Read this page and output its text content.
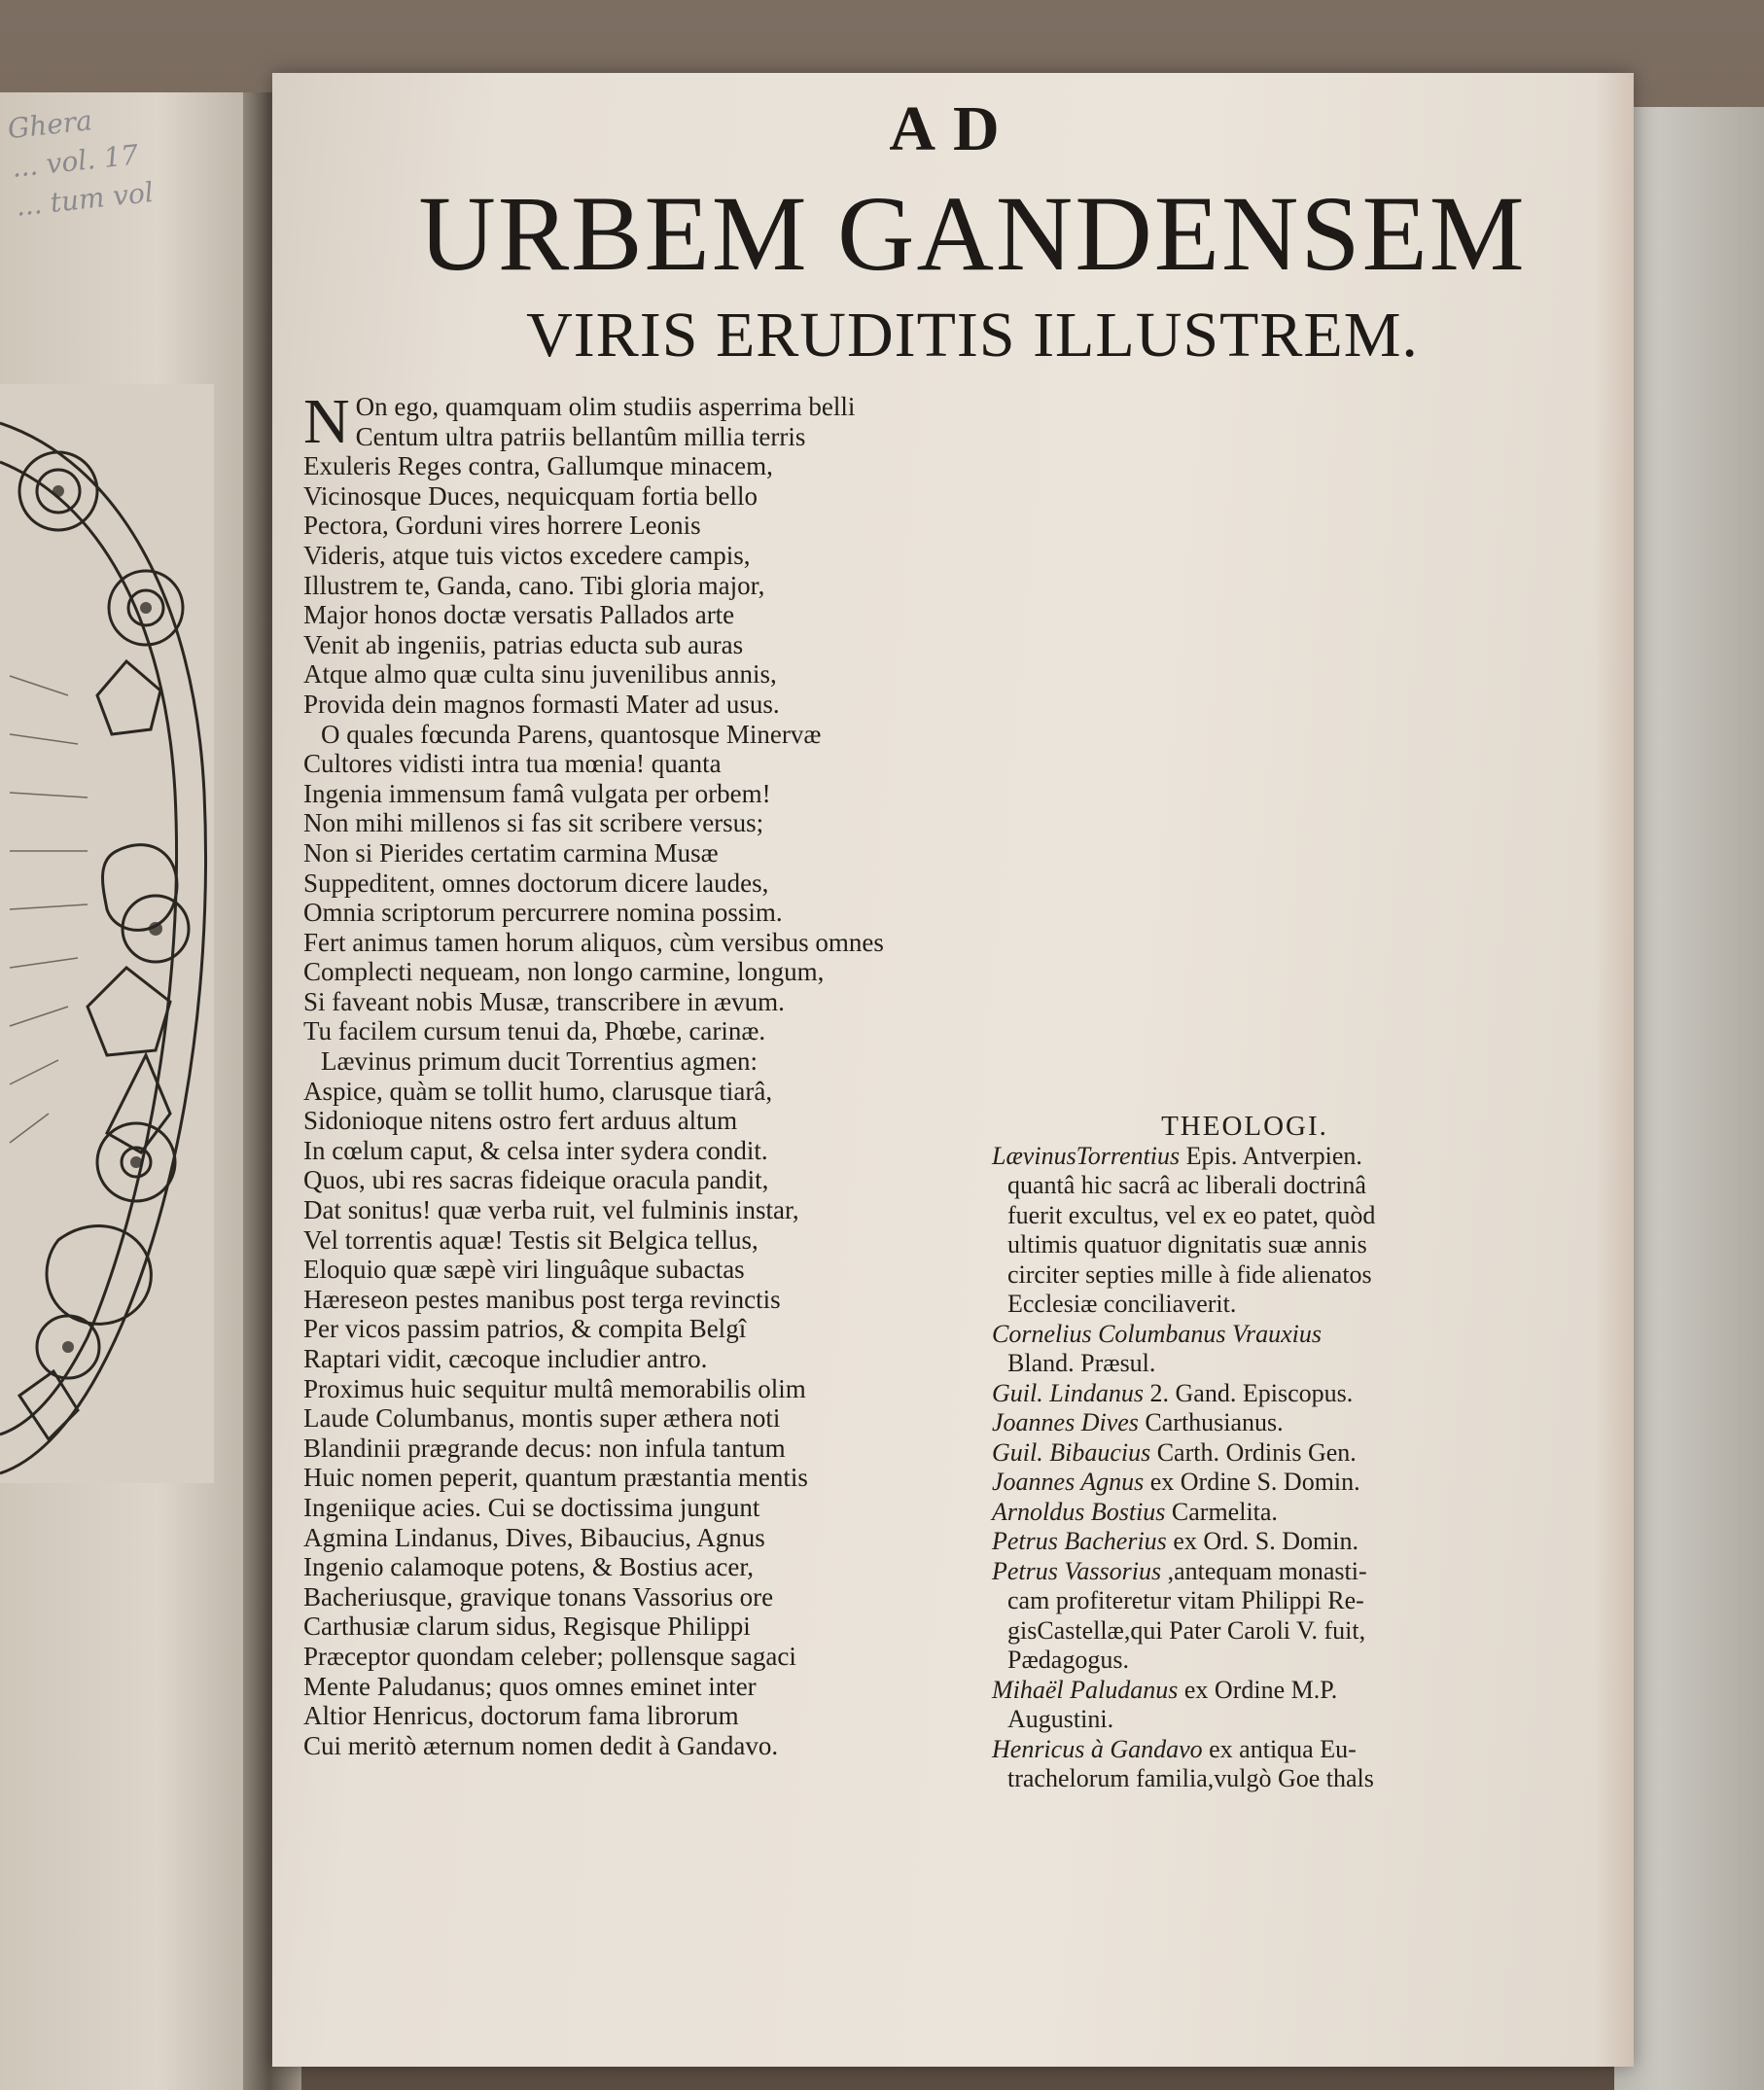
Ghera
... vol. 17
... tum vol
AD
URBEM GANDENSEM
VIRIS ERUDITIS ILLUSTREM.
N On ego, quamquam olim studiis asperrima belli
Centum ultra patriis bellantûm millia terris
Exuleris Reges contra, Gallumque minacem,
Vicinosque Duces, nequicquam fortia bello
Pectora, Gorduni vires horrere Leonis
Videris, atque tuis victos excedere campis,
Illustrem te, Ganda, cano. Tibi gloria major,
Major honos doctæ versatis Pallados arte
Venit ab ingeniis, patrias educta sub auras
Atque almo quæ culta sinu juvenilibus annis,
Provida dein magnos formasti Mater ad usus.
O quales fœcunda Parens, quantosque Minervæ
Cultores vidisti intra tua mœnia! quanta
Ingenia immensum famâ vulgata per orbem!
Non mihi millenos si fas sit scribere versus;
Non si Pierides certatim carmina Musæ
Suppeditent, omnes doctorum dicere laudes,
Omnia scriptorum percurrere nomina possim.
Fert animus tamen horum aliquos, cùm versibus omnes
Complecti nequeam, non longo carmine, longum,
Si faveant nobis Musæ, transcribere in ævum.
Tu facilem cursum tenui da, Phœbe, carinæ.
Lævinus primum ducit Torrentius agmen:
Aspice, quàm se tollit humo, clarusque tiarâ,
Sidonioque nitens ostro fert arduus altum
In cœlum caput, & celsa inter sydera condit.
Quos, ubi res sacras fideique oracula pandit,
Dat sonitus! quæ verba ruit, vel fulminis instar,
Vel torrentis aquæ! Testis sit Belgica tellus,
Eloquio quæ sæpè viri linguâque subactas
Hæreseon pestes manibus post terga revinctis
Per vicos passim patrios, & compita Belgî
Raptari vidit, cæcoque includier antro.
Proximus huic sequitur multâ memorabilis olim
Laude Columbanus, montis super æthera noti
Blandinii prægrande decus: non infula tantum
Huic nomen peperit, quantum præstantia mentis
Ingeniique acies. Cui se doctissima jungunt
Agmina Lindanus, Dives, Bibaucius, Agnus
Ingenio calamoque potens, & Bostius acer,
Bacheriusque, gravique tonans Vassorius ore
Carthusiæ clarum sidus, Regisque Philippi
Præceptor quondam celeber; pollensque sagaci
Mente Paludanus; quos omnes eminet inter
Altior Henricus, doctorum fama librorum
Cui meritò æternum nomen dedit à Gandavo.
THEOLOGI.
LævinusTorrentius Epis. Antverpien.
quantâ hic sacrâ ac liberali doctrinâ
fuerit excultus, vel ex eo patet, quòd
ultimis quatuor dignitatis suæ annis
circiter septies mille à fide alienatos
Ecclesiæ conciliaverit.
Cornelius Columbanus Vrauxius
Bland. Præsul.
Guil. Lindanus 2. Gand. Episcopus.
Joannes Dives Carthusianus.
Guil. Bibaucius Carth. Ordinis Gen.
Joannes Agnus ex Ordine S. Domin.
Arnoldus Bostius Carmelita.
Petrus Bacherius ex Ord. S. Domin.
Petrus Vassorius ,antequam monasti-
cam profiteretur vitam Philippi Re-
gisCastellæ,qui Pater Caroli V. fuit,
Pædagogus.
Mihaël Paludanus ex Ordine M.P.
Augustini.
Henricus à Gandavo ex antiqua Eu-
trachelorum familia,vulgò Goe thals
